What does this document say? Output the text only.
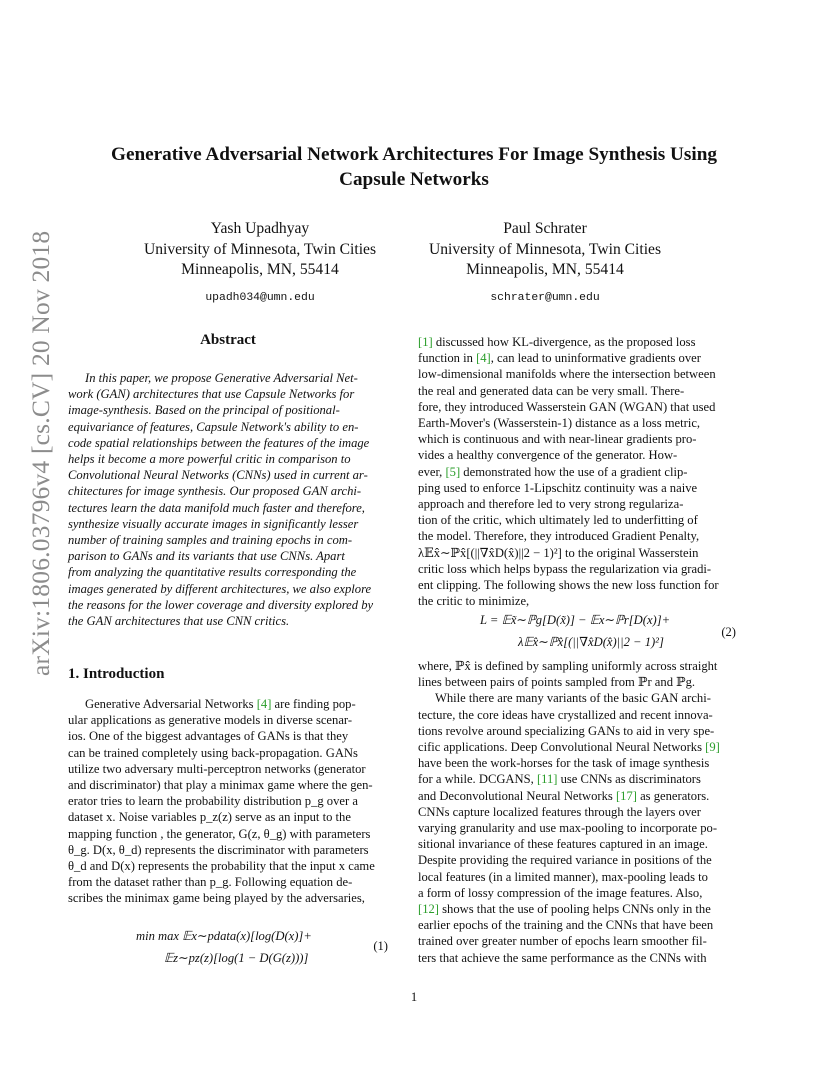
arXiv:1806.03796v4 [cs.CV] 20 Nov 2018
Generative Adversarial Network Architectures For Image Synthesis Using
Capsule Networks
Yash Upadhyay
University of Minnesota, Twin Cities
Minneapolis, MN, 55414
upadh034@umn.edu
Paul Schrater
University of Minnesota, Twin Cities
Minneapolis, MN, 55414
schrater@umn.edu
Abstract
In this paper, we propose Generative Adversarial Net-
work (GAN) architectures that use Capsule Networks for
image-synthesis. Based on the principal of positional-
equivariance of features, Capsule Network's ability to en-
code spatial relationships between the features of the image
helps it become a more powerful critic in comparison to
Convolutional Neural Networks (CNNs) used in current ar-
chitectures for image synthesis. Our proposed GAN archi-
tectures learn the data manifold much faster and therefore,
synthesize visually accurate images in significantly lesser
number of training samples and training epochs in com-
parison to GANs and its variants that use CNNs. Apart
from analyzing the quantitative results corresponding the
images generated by different architectures, we also explore
the reasons for the lower coverage and diversity explored by
the GAN architectures that use CNN critics.
1. Introduction
Generative Adversarial Networks [4] are finding pop-
ular applications as generative models in diverse scenar-
ios. One of the biggest advantages of GANs is that they
can be trained completely using back-propagation. GANs
utilize two adversary multi-perceptron networks (generator
and discriminator) that play a minimax game where the gen-
erator tries to learn the probability distribution p_g over a
dataset x. Noise variables p_z(z) serve as an input to the
mapping function , the generator, G(z, θ_g) with parameters
θ_g. D(x, θ_d) represents the discriminator with parameters
θ_d and D(x) represents the probability that the input x came
from the dataset rather than p_g. Following equation de-
scribes the minimax game being played by the adversaries,
min max 𝔼x∼pdata(x)[log(D(x)]+
𝔼z∼pz(z)[log(1 − D(G(z)))]
(1)
[1] discussed how KL-divergence, as the proposed loss
function in [4], can lead to uninformative gradients over
low-dimensional manifolds where the intersection between
the real and generated data can be very small. There-
fore, they introduced Wasserstein GAN (WGAN) that used
Earth-Mover's (Wasserstein-1) distance as a loss metric,
which is continuous and with near-linear gradients pro-
vides a healthy convergence of the generator. How-
ever, [5] demonstrated how the use of a gradient clip-
ping used to enforce 1-Lipschitz continuity was a naive
approach and therefore led to very strong regulariza-
tion of the critic, which ultimately led to underfitting of
the model. Therefore, they introduced Gradient Penalty,
λ𝔼x̂∼ℙx̂[(||∇x̂D(x̂)||2 − 1)²] to the original Wasserstein
critic loss which helps bypass the regularization via gradi-
ent clipping. The following shows the new loss function for
the critic to minimize,
L = 𝔼x̃∼ℙg[D(x̃)] − 𝔼x∼ℙr[D(x)]+
λ𝔼x̂∼ℙx̂[(||∇x̂D(x̂)||2 − 1)²]
(2)
where, ℙx̂ is defined by sampling uniformly across straight
lines between pairs of points sampled from ℙr and ℙg.
While there are many variants of the basic GAN archi-
tecture, the core ideas have crystallized and recent innova-
tions revolve around specializing GANs to aid in very spe-
cific applications. Deep Convolutional Neural Networks [9]
have been the work-horses for the task of image synthesis
for a while. DCGANS, [11] use CNNs as discriminators
and Deconvolutional Neural Networks [17] as generators.
CNNs capture localized features through the layers over
varying granularity and use max-pooling to incorporate po-
sitional invariance of these features captured in an image.
Despite providing the required variance in positions of the
local features (in a limited manner), max-pooling leads to
a form of lossy compression of the image features. Also,
[12] shows that the use of pooling helps CNNs only in the
earlier epochs of the training and the CNNs that have been
trained over greater number of epochs learn smoother fil-
ters that achieve the same performance as the CNNs with
1
